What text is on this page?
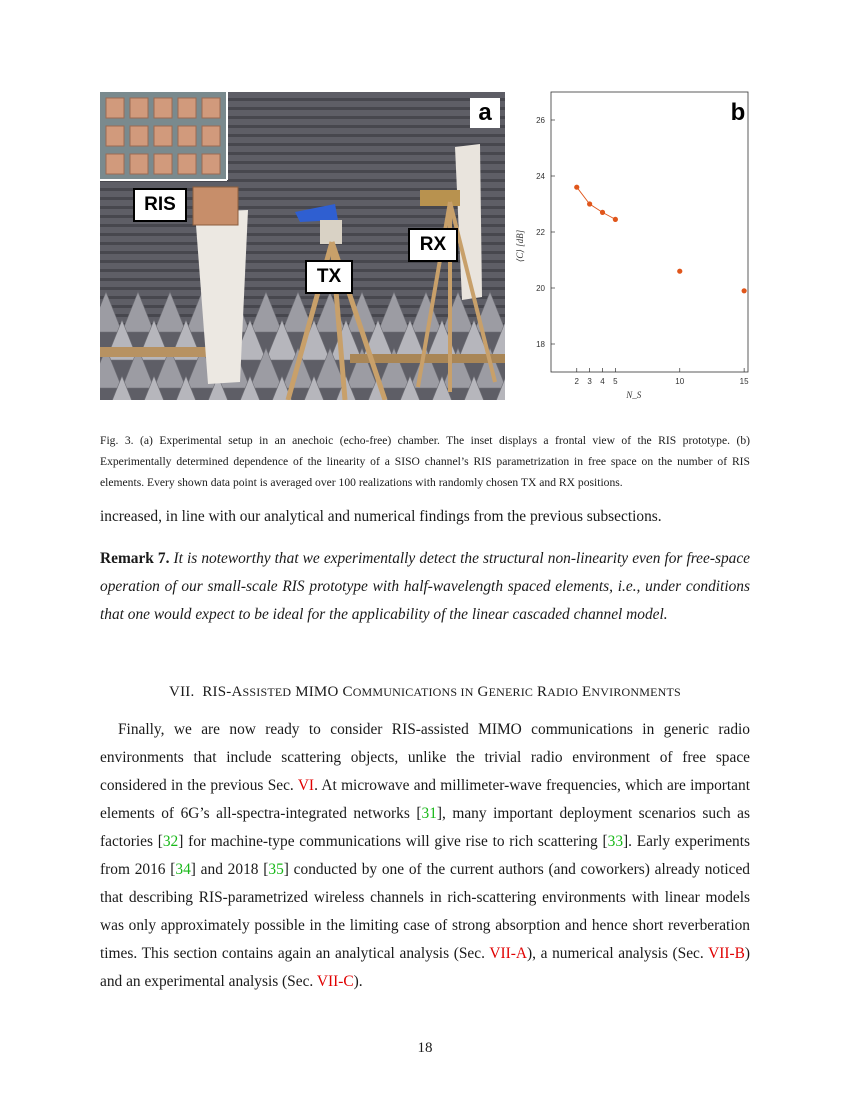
a
RIS
TX
RX
b
18
20
22
24
26
2 3 4 5	10	15
N_S
⟨C⟩ [dB]

Fig. 3. (a) Experimental setup in an anechoic (echo-free) chamber. The inset displays a frontal view of the RIS prototype. (b) Experimentally determined dependence of the linearity of a SISO channel’s RIS parametrization in free space on the number of RIS elements. Every shown data point is averaged over 100 realizations with randomly chosen TX and RX positions.

increased, in line with our analytical and numerical findings from the previous subsections.

Remark 7. It is noteworthy that we experimentally detect the structural non-linearity even for free-space operation of our small-scale RIS prototype with half-wavelength spaced elements, i.e., under conditions that one would expect to be ideal for the applicability of the linear cascaded channel model.

VII. RIS-ASSISTED MIMO COMMUNICATIONS IN GENERIC RADIO ENVIRONMENTS

Finally, we are now ready to consider RIS-assisted MIMO communications in generic radio environments that include scattering objects, unlike the trivial radio environment of free space considered in the previous Sec. VI. At microwave and millimeter-wave frequencies, which are important elements of 6G’s all-spectra-integrated networks [31], many important deployment scenarios such as factories [32] for machine-type communications will give rise to rich scattering [33]. Early experiments from 2016 [34] and 2018 [35] conducted by one of the current authors (and coworkers) already noticed that describing RIS-parametrized wireless channels in rich-scattering environments with linear models was only approximately possible in the limiting case of strong absorption and hence short reverberation times. This section contains again an analytical analysis (Sec. VII-A), a numerical analysis (Sec. VII-B) and an experimental analysis (Sec. VII-C).

18
